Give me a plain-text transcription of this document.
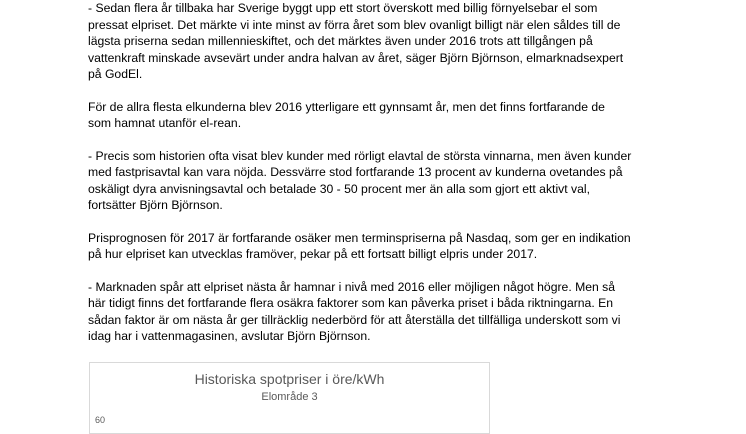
- Sedan flera år tillbaka har Sverige byggt upp ett stort överskott med billig förnyelsebar el som
pressat elpriset. Det märkte vi inte minst av förra året som blev ovanligt billigt när elen såldes till de
lägsta priserna sedan millennieskiftet, och det märktes även under 2016 trots att tillgången på
vattenkraft minskade avsevärt under andra halvan av året, säger Björn Björnson, elmarknadsexpert
på GodEl.
För de allra flesta elkunderna blev 2016 ytterligare ett gynnsamt år, men det finns fortfarande de
som hamnat utanför el-rean.
- Precis som historien ofta visat blev kunder med rörligt elavtal de största vinnarna, men även kunder
med fastprisavtal kan vara nöjda. Dessvärre stod fortfarande 13 procent av kunderna ovetandes på
oskäligt dyra anvisningsavtal och betalade 30 - 50 procent mer än alla som gjort ett aktivt val,
fortsätter Björn Björnson.
Prisprognosen för 2017 är fortfarande osäker men terminspriserna på Nasdaq, som ger en indikation
på hur elpriset kan utvecklas framöver, pekar på ett fortsatt billigt elpris under 2017.
- Marknaden spår att elpriset nästa år hamnar i nivå med 2016 eller möjligen något högre. Men så
här tidigt finns det fortfarande flera osäkra faktorer som kan påverka priset i båda riktningarna. En
sådan faktor är om nästa år ger tillräcklig nederbörd för att återställa det tillfälliga underskott som vi
idag har i vattenmagasinen, avslutar Björn Björnson.
Historiska spotpriser i öre/kWh
Elområde 3
60
